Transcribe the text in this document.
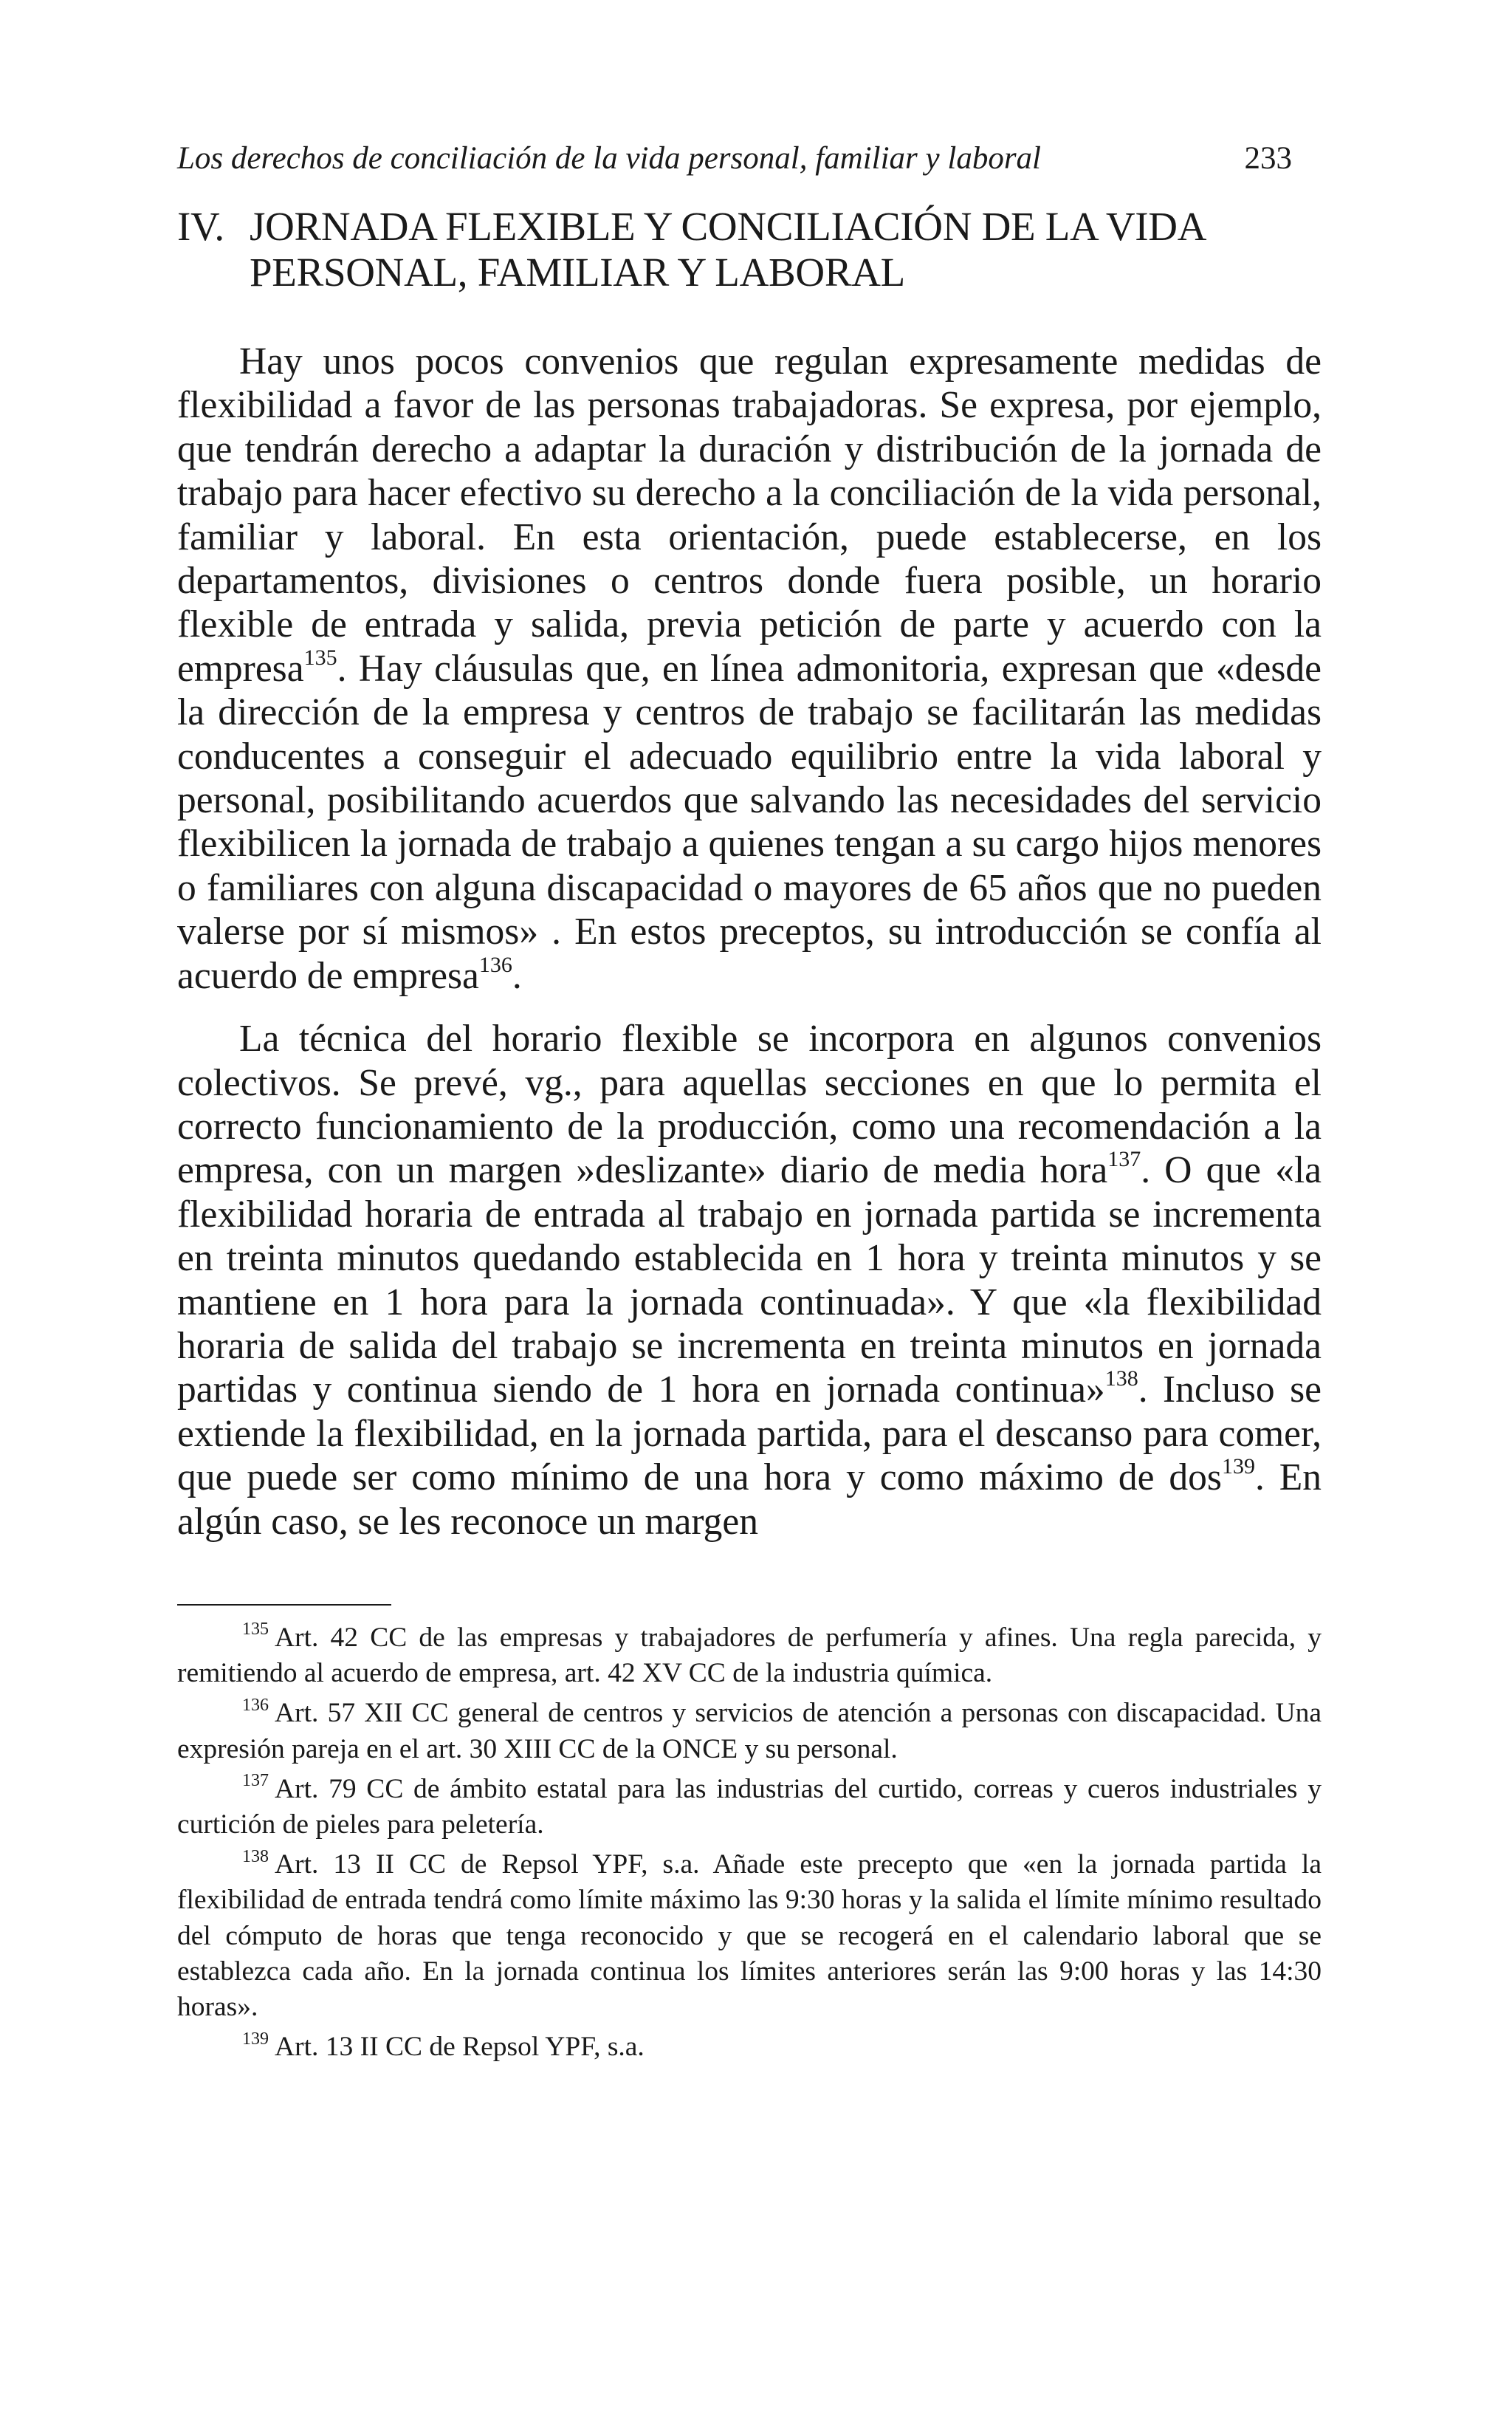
Los derechos de conciliación de la vida personal, familiar y laboral	233
IV. JORNADA FLEXIBLE Y CONCILIACIÓN DE LA VIDA
PERSONAL, FAMILIAR Y LABORAL

Hay unos pocos convenios que regulan expresamente medidas de flexibilidad a favor de las personas trabajadoras. Se expresa, por ejemplo, que tendrán derecho a adaptar la duración y distribución de la jornada de trabajo para hacer efectivo su derecho a la conciliación de la vida personal, familiar y laboral. En esta orientación, puede establecerse, en los departamentos, divisiones o centros donde fuera posible, un horario flexible de entrada y salida, previa petición de parte y acuerdo con la empresa$^{135}$. Hay cláusulas que, en línea admonitoria, expresan que «desde la dirección de la empresa y centros de trabajo se facilitarán las medidas conducentes a conseguir el adecuado equilibrio entre la vida laboral y personal, posibilitando acuerdos que salvando las necesidades del servicio flexibilicen la jornada de trabajo a quienes tengan a su cargo hijos menores o familiares con alguna discapacidad o mayores de 65 años que no pueden valerse por sí mismos» . En estos preceptos, su introducción se confía al acuerdo de empresa$^{136}$.

La técnica del horario flexible se incorpora en algunos convenios colectivos. Se prevé, vg., para aquellas secciones en que lo permita el correcto funcionamiento de la producción, como una recomendación a la empresa, con un margen »deslizante» diario de media hora$^{137}$. O que «la flexibilidad horaria de entrada al trabajo en jornada partida se incrementa en treinta minutos quedando establecida en 1 hora y treinta minutos y se mantiene en 1 hora para la jornada continuada». Y que «la flexibilidad horaria de salida del trabajo se incrementa en treinta minutos en jornada partidas y continua siendo de 1 hora en jornada continua»$^{138}$. Incluso se extiende la flexibilidad, en la jornada partida, para el descanso para comer, que puede ser como mínimo de una hora y como máximo de dos$^{139}$. En algún caso, se les reconoce un margen

$^{135}$ Art. 42 CC de las empresas y trabajadores de perfumería y afines. Una regla parecida, y remitiendo al acuerdo de empresa, art. 42 XV CC de la industria química.

$^{136}$ Art. 57 XII CC general de centros y servicios de atención a personas con discapacidad. Una expresión pareja en el art. 30 XIII CC de la ONCE y su personal.

$^{137}$ Art. 79 CC de ámbito estatal para las industrias del curtido, correas y cueros industriales y curtición de pieles para peletería.

$^{138}$ Art. 13 II CC de Repsol YPF, s.a. Añade este precepto que «en la jornada partida la flexibilidad de entrada tendrá como límite máximo las 9:30 horas y la salida el límite mínimo resultado del cómputo de horas que tenga reconocido y que se recogerá en el calendario laboral que se establezca cada año. En la jornada continua los límites anteriores serán las 9:00 horas y las 14:30 horas».

$^{139}$ Art. 13 II CC de Repsol YPF, s.a.
